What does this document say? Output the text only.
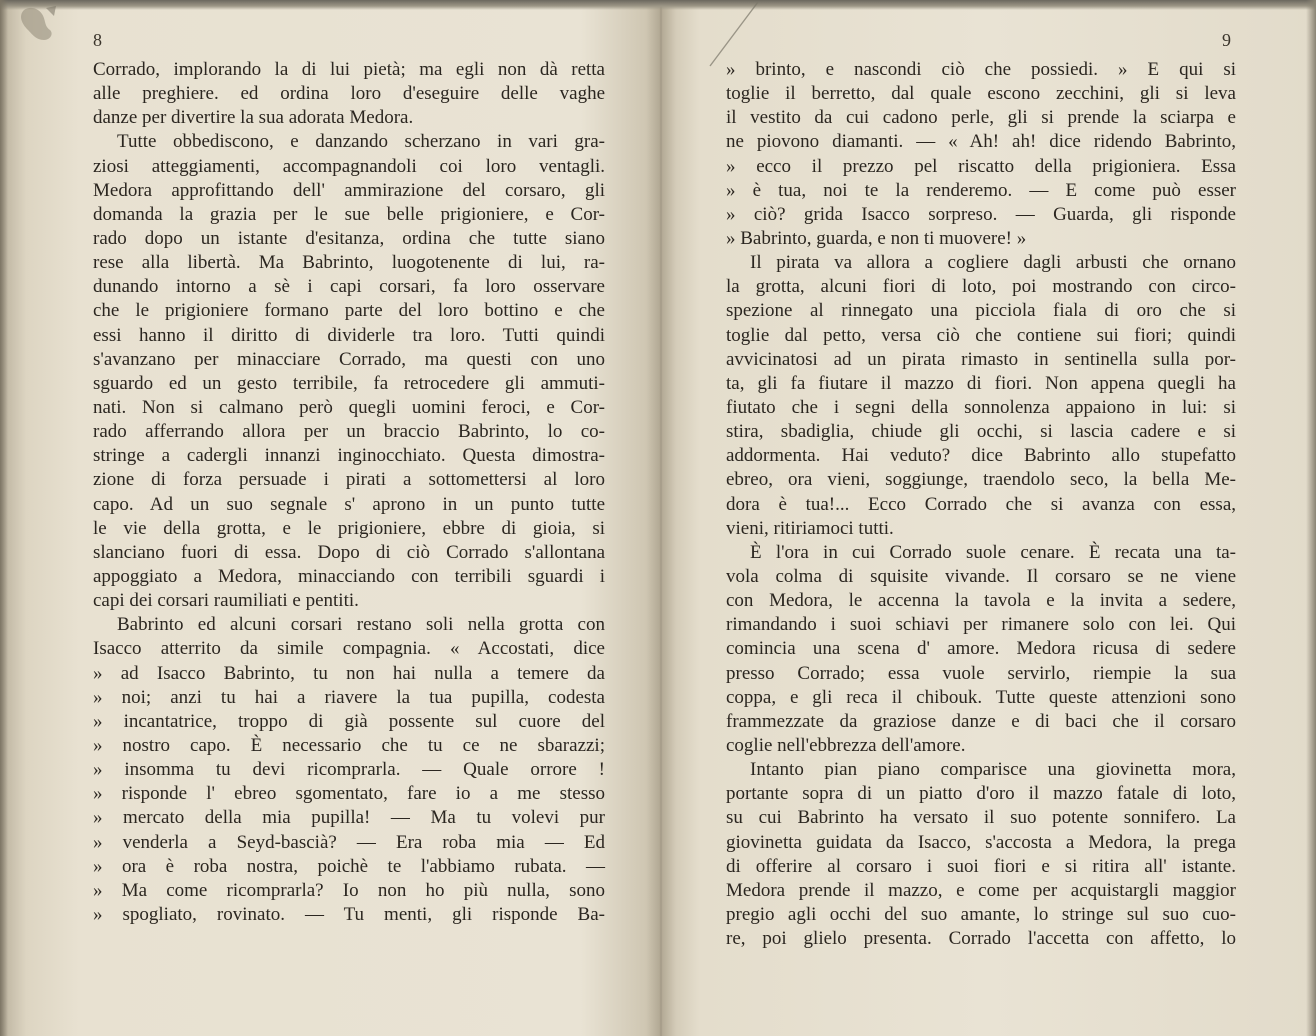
8	9
Corrado, implorando la di lui pietà; ma egli non dà retta
alle preghiere. ed ordina loro d'eseguire delle vaghe
danze per divertire la sua adorata Medora.
Tutte obbediscono, e danzando scherzano in vari gra-
ziosi atteggiamenti, accompagnandoli coi loro ventagli.
Medora approfittando dell' ammirazione del corsaro, gli
domanda la grazia per le sue belle prigioniere, e Cor-
rado dopo un istante d'esitanza, ordina che tutte siano
rese alla libertà. Ma Babrinto, luogotenente di lui, ra-
dunando intorno a sè i capi corsari, fa loro osservare
che le prigioniere formano parte del loro bottino e che
essi hanno il diritto di dividerle tra loro. Tutti quindi
s'avanzano per minacciare Corrado, ma questi con uno
sguardo ed un gesto terribile, fa retrocedere gli ammuti-
nati. Non si calmano però quegli uomini feroci, e Cor-
rado afferrando allora per un braccio Babrinto, lo co-
stringe a cadergli innanzi inginocchiato. Questa dimostra-
zione di forza persuade i pirati a sottomettersi al loro
capo. Ad un suo segnale s' aprono in un punto tutte
le vie della grotta, e le prigioniere, ebbre di gioia, si
slanciano fuori di essa. Dopo di ciò Corrado s'allontana
appoggiato a Medora, minacciando con terribili sguardi i
capi dei corsari raumiliati e pentiti.
Babrinto ed alcuni corsari restano soli nella grotta con
Isacco atterrito da simile compagnia. « Accostati, dice
» ad Isacco Babrinto, tu non hai nulla a temere da
» noi; anzi tu hai a riavere la tua pupilla, codesta
» incantatrice, troppo di già possente sul cuore del
» nostro capo. È necessario che tu ce ne sbarazzi;
» insomma tu devi ricomprarla. — Quale orrore !
» risponde l' ebreo sgomentato, fare io a me stesso
» mercato della mia pupilla! — Ma tu volevi pur
» venderla a Seyd-bascià? — Era roba mia — Ed
» ora è roba nostra, poichè te l'abbiamo rubata. —
» Ma come ricomprarla? Io non ho più nulla, sono
» spogliato, rovinato. — Tu menti, gli risponde Ba-
» brinto, e nascondi ciò che possiedi. » E qui si
toglie il berretto, dal quale escono zecchini, gli si leva
il vestito da cui cadono perle, gli si prende la sciarpa e
ne piovono diamanti. — « Ah! ah! dice ridendo Babrinto,
» ecco il prezzo pel riscatto della prigioniera. Essa
» è tua, noi te la renderemo. — E come può esser
» ciò? grida Isacco sorpreso. — Guarda, gli risponde
» Babrinto, guarda, e non ti muovere! »
Il pirata va allora a cogliere dagli arbusti che ornano
la grotta, alcuni fiori di loto, poi mostrando con circo-
spezione al rinnegato una picciola fiala di oro che si
toglie dal petto, versa ciò che contiene sui fiori; quindi
avvicinatosi ad un pirata rimasto in sentinella sulla por-
ta, gli fa fiutare il mazzo di fiori. Non appena quegli ha
fiutato che i segni della sonnolenza appaiono in lui: si
stira, sbadiglia, chiude gli occhi, si lascia cadere e si
addormenta. Hai veduto? dice Babrinto allo stupefatto
ebreo, ora vieni, soggiunge, traendolo seco, la bella Me-
dora è tua!... Ecco Corrado che si avanza con essa,
vieni, ritiriamoci tutti.
È l'ora in cui Corrado suole cenare. È recata una ta-
vola colma di squisite vivande. Il corsaro se ne viene
con Medora, le accenna la tavola e la invita a sedere,
rimandando i suoi schiavi per rimanere solo con lei. Qui
comincia una scena d' amore. Medora ricusa di sedere
presso Corrado; essa vuole servirlo, riempie la sua
coppa, e gli reca il chibouk. Tutte queste attenzioni sono
frammezzate da graziose danze e di baci che il corsaro
coglie nell'ebbrezza dell'amore.
Intanto pian piano comparisce una giovinetta mora,
portante sopra di un piatto d'oro il mazzo fatale di loto,
su cui Babrinto ha versato il suo potente sonnifero. La
giovinetta guidata da Isacco, s'accosta a Medora, la prega
di offerire al corsaro i suoi fiori e si ritira all' istante.
Medora prende il mazzo, e come per acquistargli maggior
pregio agli occhi del suo amante, lo stringe sul suo cuo-
re, poi glielo presenta. Corrado l'accetta con affetto, lo
